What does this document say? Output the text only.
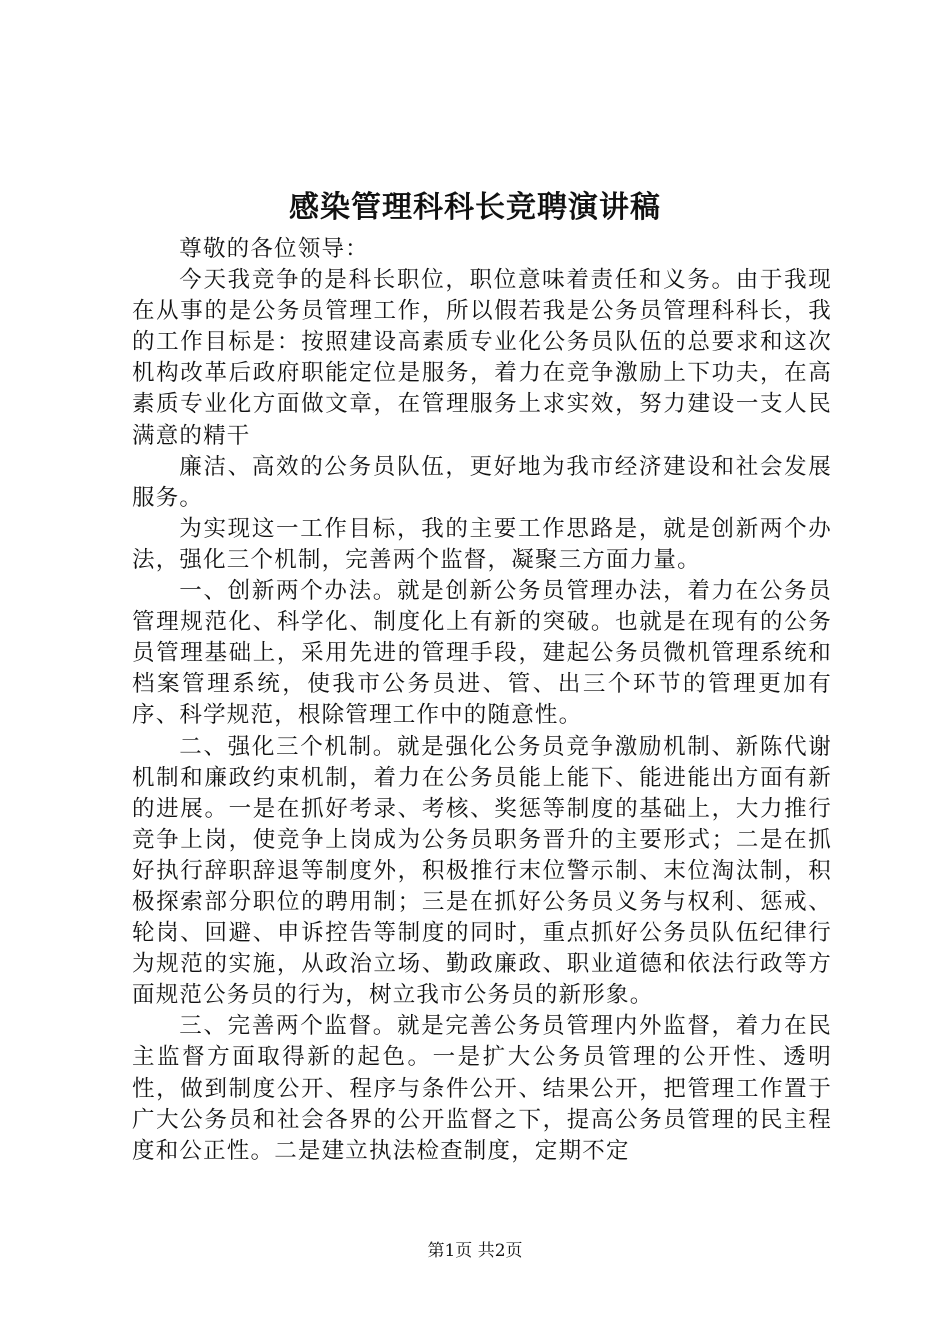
感染管理科科长竞聘演讲稿

尊敬的各位领导：

今天我竞争的是科长职位，职位意味着责任和义务。由于我现在从事的是公务员管理工作，所以假若我是公务员管理科科长，我的工作目标是：按照建设高素质专业化公务员队伍的总要求和这次机构改革后政府职能定位是服务，着力在竞争激励上下功夫，在高素质专业化方面做文章，在管理服务上求实效，努力建设一支人民满意的精干

廉洁、高效的公务员队伍，更好地为我市经济建设和社会发展服务。

为实现这一工作目标，我的主要工作思路是，就是创新两个办法，强化三个机制，完善两个监督，凝聚三方面力量。

一、创新两个办法。就是创新公务员管理办法，着力在公务员管理规范化、科学化、制度化上有新的突破。也就是在现有的公务员管理基础上，采用先进的管理手段，建起公务员微机管理系统和档案管理系统，使我市公务员进、管、出三个环节的管理更加有序、科学规范，根除管理工作中的随意性。

二、强化三个机制。就是强化公务员竞争激励机制、新陈代谢机制和廉政约束机制，着力在公务员能上能下、能进能出方面有新的进展。一是在抓好考录、考核、奖惩等制度的基础上，大力推行竞争上岗，使竞争上岗成为公务员职务晋升的主要形式；二是在抓好执行辞职辞退等制度外，积极推行末位警示制、末位淘汰制，积极探索部分职位的聘用制；三是在抓好公务员义务与权利、惩戒、轮岗、回避、申诉控告等制度的同时，重点抓好公务员队伍纪律行为规范的实施，从政治立场、勤政廉政、职业道德和依法行政等方面规范公务员的行为，树立我市公务员的新形象。

三、完善两个监督。就是完善公务员管理内外监督，着力在民主监督方面取得新的起色。一是扩大公务员管理的公开性、透明性，做到制度公开、程序与条件公开、结果公开，把管理工作置于广大公务员和社会各界的公开监督之下，提高公务员管理的民主程度和公正性。二是建立执法检查制度，定期不定

第1页 共2页
